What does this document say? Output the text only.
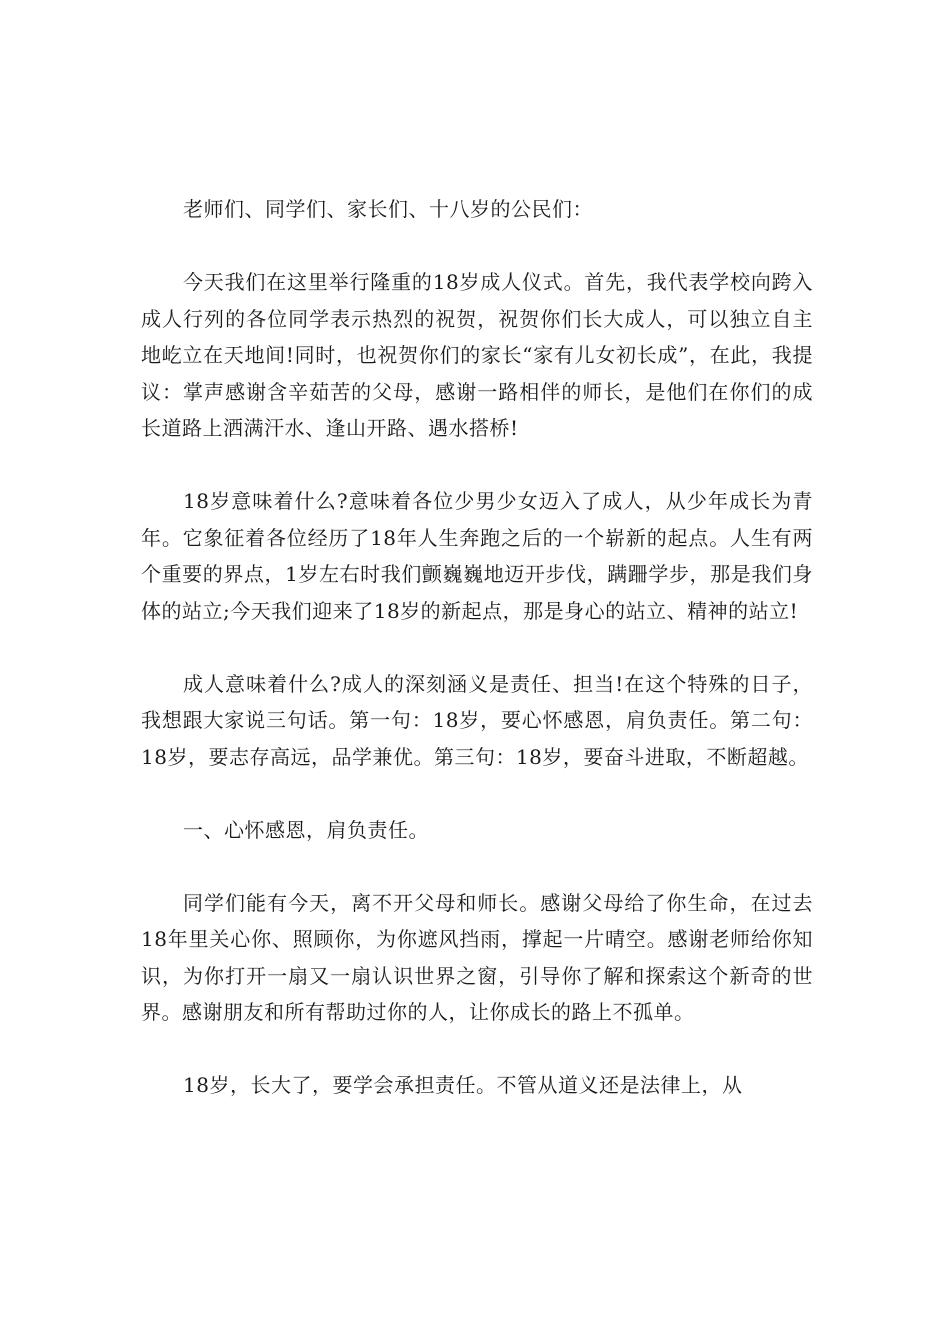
老师们、同学们、家长们、十八岁的公民们：

今天我们在这里举行隆重的18岁成人仪式。首先，我代表学校向跨入成人行列的各位同学表示热烈的祝贺，祝贺你们长大成人，可以独立自主地屹立在天地间!同时，也祝贺你们的家长“家有儿女初长成”，在此，我提议：掌声感谢含辛茹苦的父母，感谢一路相伴的师长，是他们在你们的成长道路上洒满汗水、逢山开路、遇水搭桥!

18岁意味着什么?意味着各位少男少女迈入了成人，从少年成长为青年。它象征着各位经历了18年人生奔跑之后的一个崭新的起点。人生有两个重要的界点，1岁左右时我们颤巍巍地迈开步伐，蹒跚学步，那是我们身体的站立;今天我们迎来了18岁的新起点，那是身心的站立、精神的站立!

成人意味着什么?成人的深刻涵义是责任、担当!在这个特殊的日子，我想跟大家说三句话。第一句：18岁，要心怀感恩，肩负责任。第二句：18岁，要志存高远，品学兼优。第三句：18岁，要奋斗进取，不断超越。

一、心怀感恩，肩负责任。

同学们能有今天，离不开父母和师长。感谢父母给了你生命，在过去18年里关心你、照顾你，为你遮风挡雨，撑起一片晴空。感谢老师给你知识，为你打开一扇又一扇认识世界之窗，引导你了解和探索这个新奇的世界。感谢朋友和所有帮助过你的人，让你成长的路上不孤单。

18岁，长大了，要学会承担责任。不管从道义还是法律上，从
